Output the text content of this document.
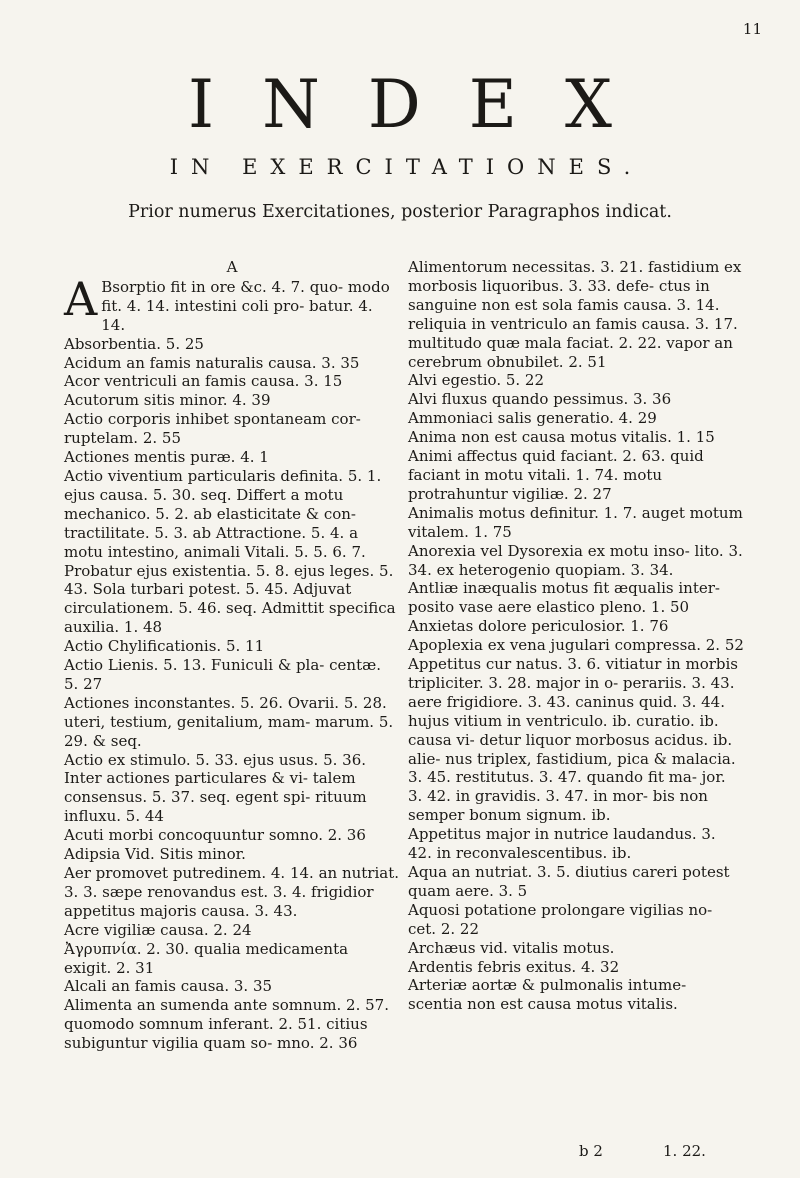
11
INDEX
IN EXERCITATIONES.
Prior numerus Exercitationes, posterior Paragraphos indicat.
A

ABsorptio fit in ore &c. 4. 7. quo- modo fit. 4. 14. intestini coli pro- batur. 4. 14.

Absorbentia. 5. 25

Acidum an famis naturalis causa. 3. 35

Acor ventriculi an famis causa. 3. 15

Acutorum sitis minor. 4. 39

Actio corporis inhibet spontaneam cor- ruptelam. 2. 55

Actiones mentis puræ. 4. 1

Actio viventium particularis definita. 5. 1. ejus causa. 5. 30. seq. Differt a motu mechanico. 5. 2. ab elasticitate & con- tractilitate. 5. 3. ab Attractione. 5. 4. a motu intestino, animali Vitali. 5. 5. 6. 7. Probatur ejus existentia. 5. 8. ejus leges. 5. 43. Sola turbari potest. 5. 45. Adjuvat circulationem. 5. 46. seq. Admittit specifica auxilia. 1. 48

Actio Chylificationis. 5. 11

Actio Lienis. 5. 13. Funiculi & pla- centæ. 5. 27

Actiones inconstantes. 5. 26. Ovarii. 5. 28. uteri, testium, genitalium, mam- marum. 5. 29. & seq.

Actio ex stimulo. 5. 33. ejus usus. 5. 36. Inter actiones particulares & vi- talem consensus. 5. 37. seq. egent spi- rituum influxu. 5. 44

Acuti morbi concoquuntur somno. 2. 36

Adipsia Vid. Sitis minor.

Aer promovet putredinem. 4. 14. an nutriat. 3. 3. sæpe renovandus est. 3. 4. frigidior appetitus majoris causa. 3. 43.

Acre vigiliæ causa. 2. 24

Ἀγρυπνία. 2. 30. qualia medicamenta exigit. 2. 31

Alcali an famis causa. 3. 35

Alimenta an sumenda ante somnum. 2. 57. quomodo somnum inferant. 2. 51. citius subiguntur vigilia quam so- mno. 2. 36

Alimentorum necessitas. 3. 21. fastidium ex morbosis liquoribus. 3. 33. defe- ctus in sanguine non est sola famis causa. 3. 14. reliquia in ventriculo an famis causa. 3. 17. multitudo quæ mala faciat. 2. 22. vapor an cerebrum obnubilet. 2. 51

Alvi egestio. 5. 22

Alvi fluxus quando pessimus. 3. 36

Ammoniaci salis generatio. 4. 29

Anima non est causa motus vitalis. 1. 15

Animi affectus quid faciant. 2. 63. quid faciant in motu vitali. 1. 74. motu protrahuntur vigiliæ. 2. 27

Animalis motus definitur. 1. 7. auget motum vitalem. 1. 75

Anorexia vel Dysorexia ex motu inso- lito. 3. 34. ex heterogenio quopiam. 3. 34.

Antliæ inæqualis motus fit æqualis inter- posito vase aere elastico pleno. 1. 50

Anxietas dolore periculosior. 1. 76

Apoplexia ex vena jugulari compressa. 2. 52

Appetitus cur natus. 3. 6. vitiatur in morbis tripliciter. 3. 28. major in o- perariis. 3. 43. aere frigidiore. 3. 43. caninus quid. 3. 44. hujus vitium in ventriculo. ib. curatio. ib. causa vi- detur liquor morbosus acidus. ib. alie- nus triplex, fastidium, pica & malacia. 3. 45. restitutus. 3. 47. quando fit ma- jor. 3. 42. in gravidis. 3. 47. in mor- bis non semper bonum signum. ib.

Appetitus major in nutrice laudandus. 3. 42. in reconvalescentibus. ib.

Aqua an nutriat. 3. 5. diutius careri potest quam aere. 3. 5

Aquosi potatione prolongare vigilias no- cet. 2. 22

Archæus vid. vitalis motus.

Ardentis febris exitus. 4. 32

Arteriæ aortæ & pulmonalis intume- scentia non est causa motus vitalis.

b 2	1. 22.
